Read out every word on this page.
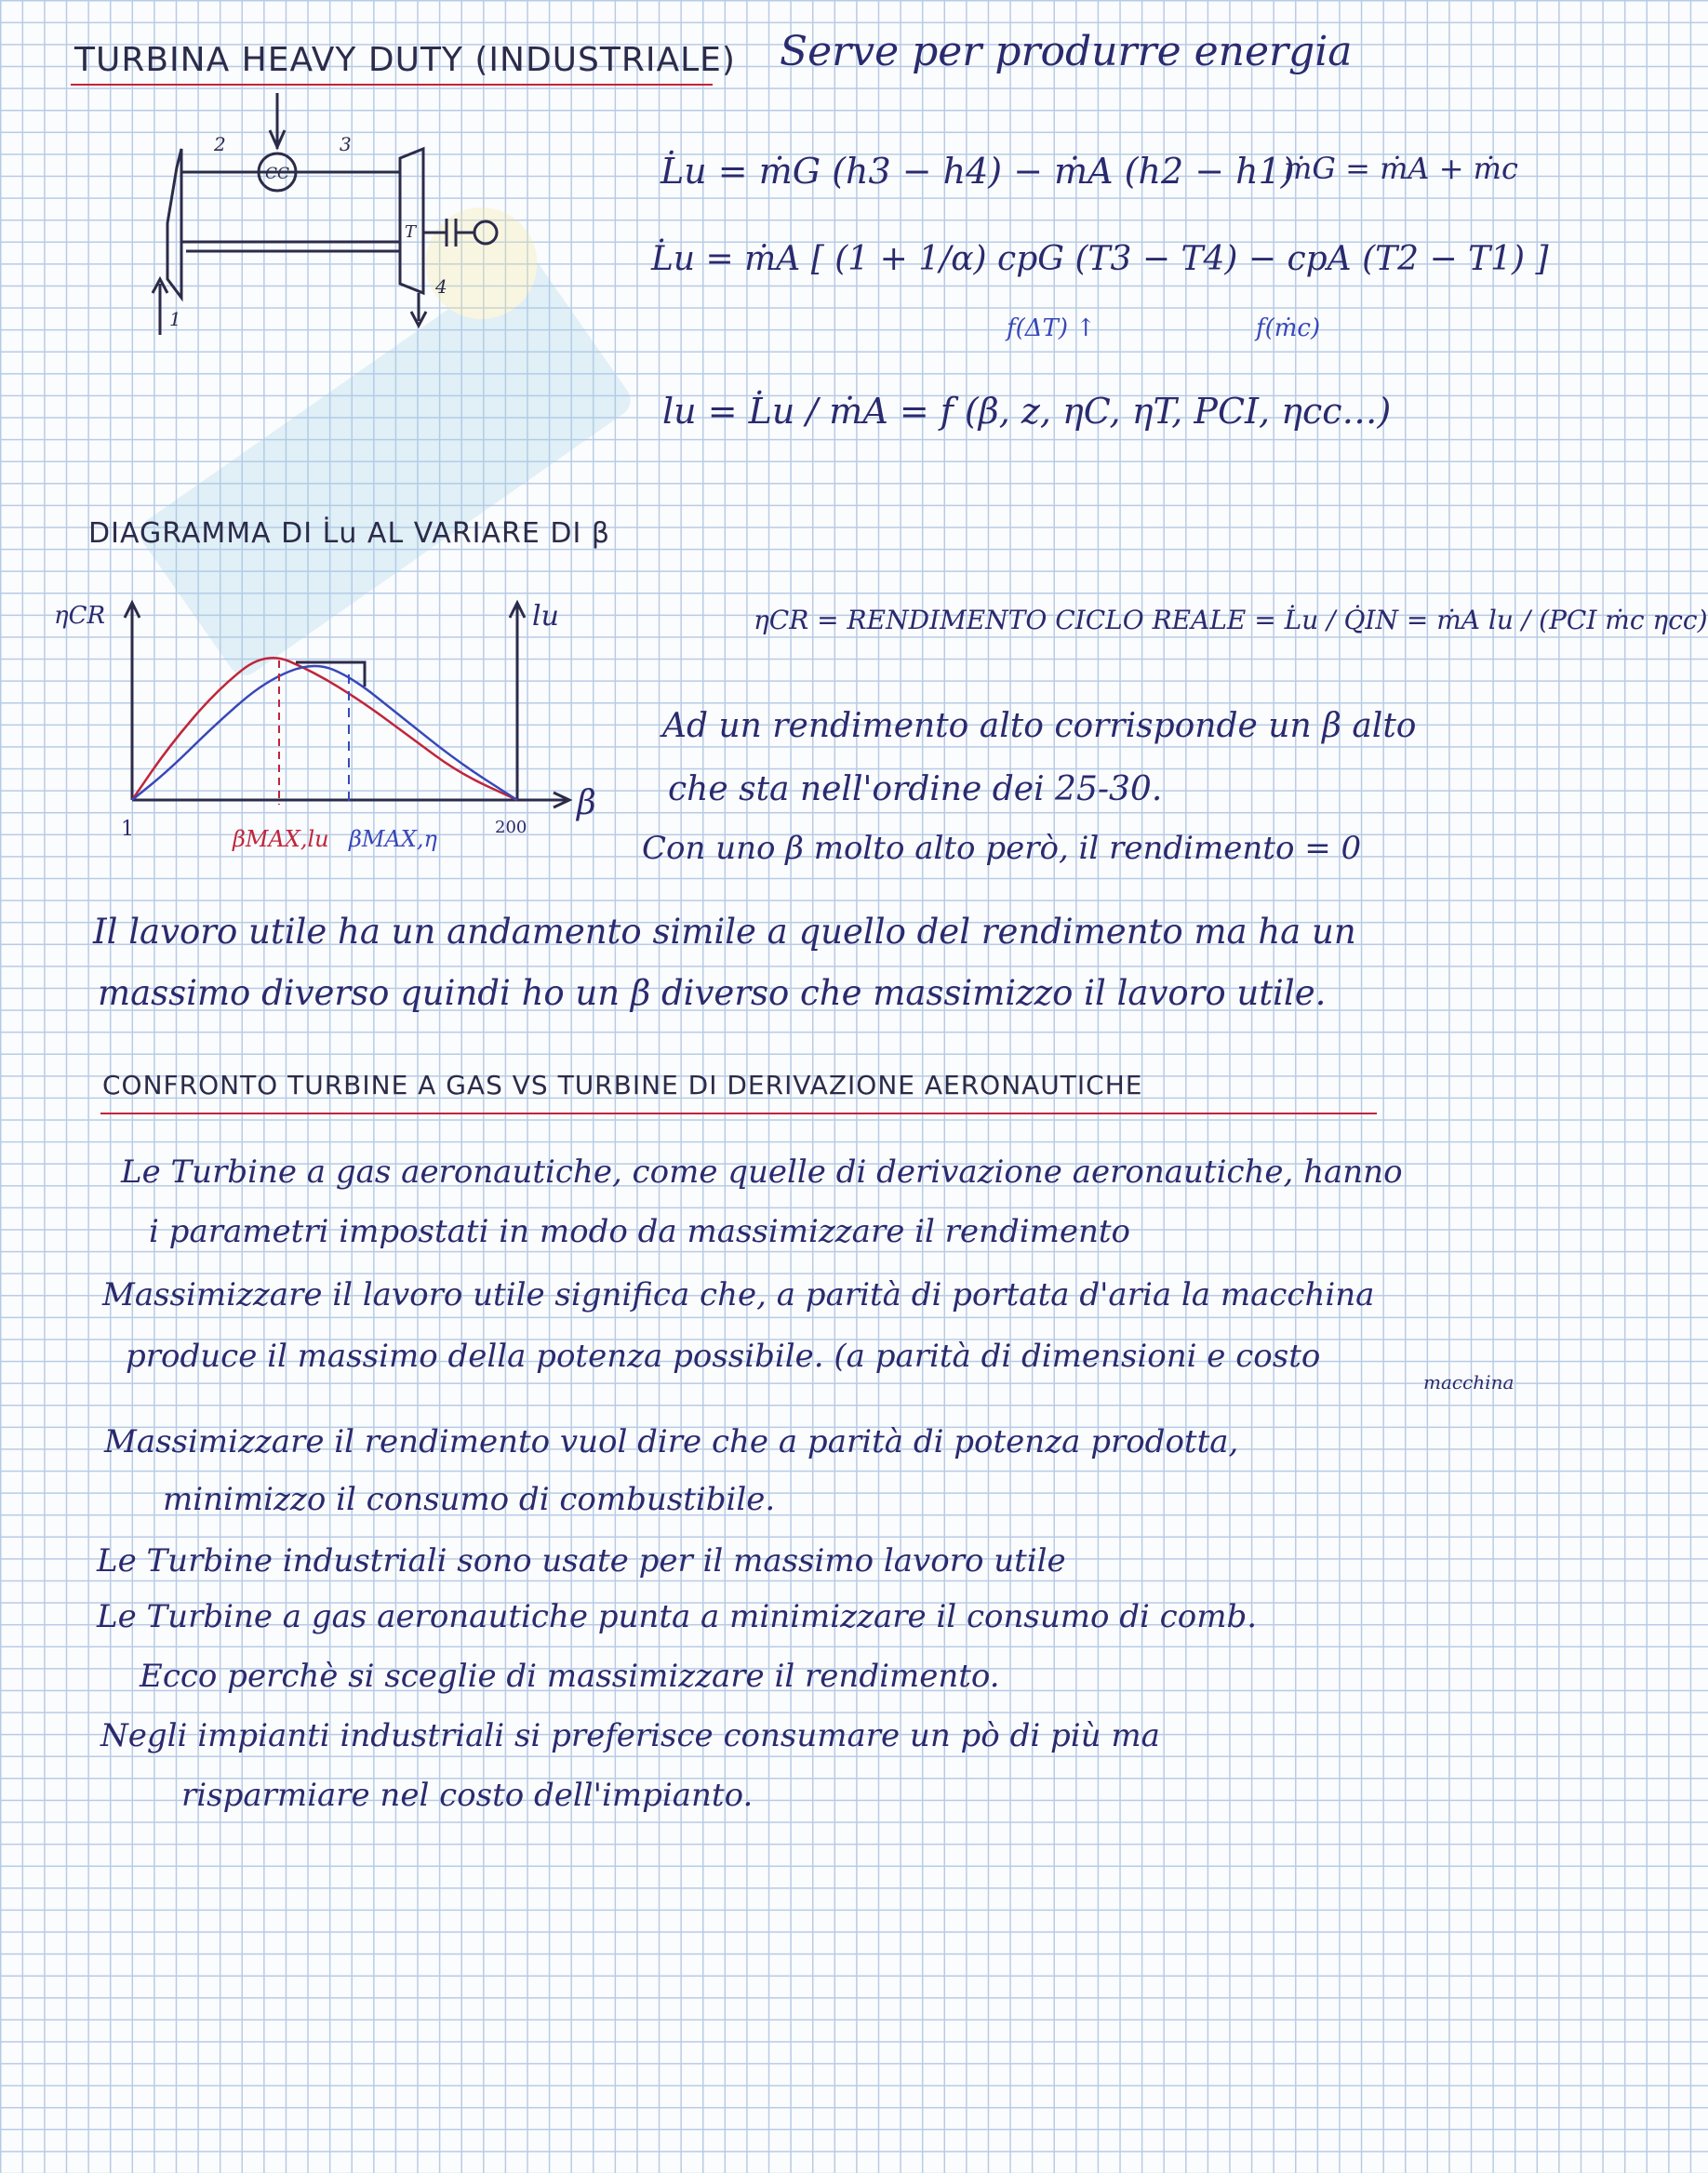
TURBINA HEAVY DUTY (INDUSTRIALE) Serve per produrre energia
2	3
CC
T
1
4
L̇u = ṁG (h3 − h4) − ṁA (h2 − h1)
ṁG = ṁA + ṁc
L̇u = ṁA [ (1 + 1/α) cpG (T3 − T4) − cpA (T2 − T1) ]
f(ΔT) ↑	f(ṁc)
lu = L̇u / ṁA = f (β, z, ηC, ηT, PCI, ηcc…)
DIAGRAMMA DI L̇u AL VARIARE DI β
ηCR	lu
β
1	200
βMAX,lu βMAX,η
ηCR = RENDIMENTO CICLO REALE = L̇u / Q̇IN = ṁA lu / (PCI ṁc ηcc)
Ad un rendimento alto corrisponde un β alto
che sta nell'ordine dei 25-30.
Con uno β molto alto però, il rendimento = 0
Il lavoro utile ha un andamento simile a quello del rendimento ma ha un
massimo diverso quindi ho un β diverso che massimizzo il lavoro utile.
CONFRONTO TURBINE A GAS VS TURBINE DI DERIVAZIONE AERONAUTICHE
Le Turbine a gas aeronautiche, come quelle di derivazione aeronautiche, hanno
i parametri impostati in modo da massimizzare il rendimento
Massimizzare il lavoro utile significa che, a parità di portata d'aria la macchina
produce il massimo della potenza possibile. (a parità di dimensioni e costo
macchina
Massimizzare il rendimento vuol dire che a parità di potenza prodotta,
minimizzo il consumo di combustibile.
Le Turbine industriali sono usate per il massimo lavoro utile
Le Turbine a gas aeronautiche punta a minimizzare il consumo di comb.
Ecco perchè si sceglie di massimizzare il rendimento.
Negli impianti industriali si preferisce consumare un pò di più ma
risparmiare nel costo dell'impianto.
